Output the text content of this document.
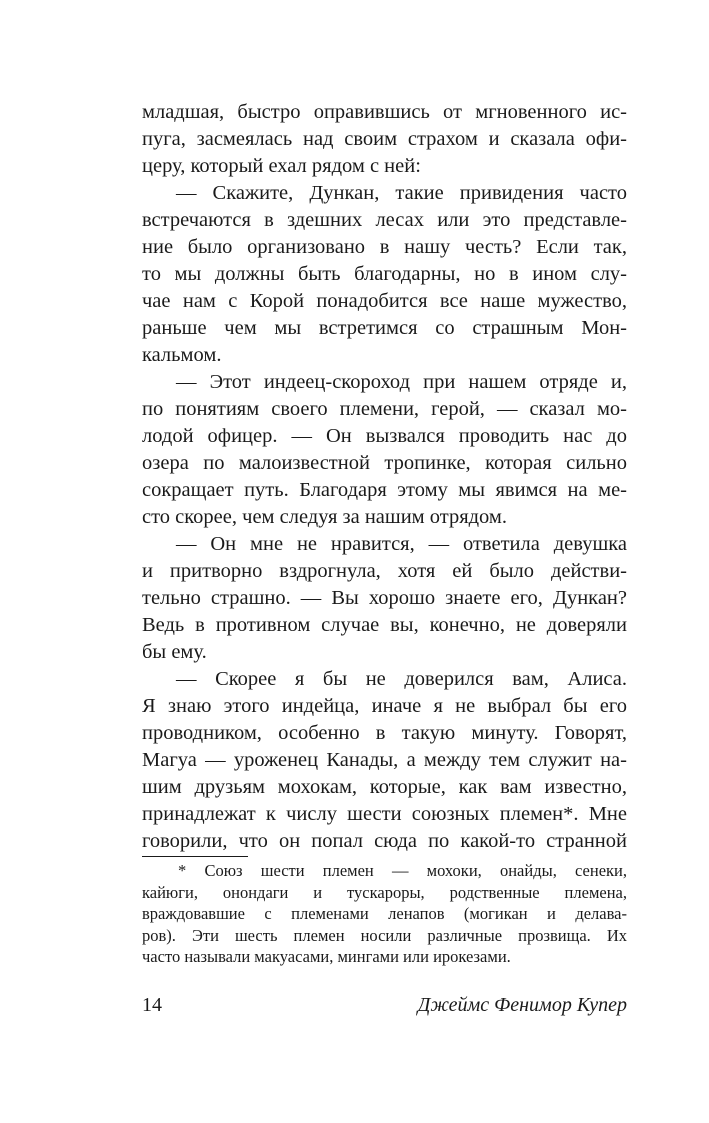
младшая, быстро оправившись от мгновенного ис-
пуга, засмеялась над своим страхом и сказала офи-
церу, который ехал рядом с ней:
— Скажите, Дункан, такие привидения часто
встречаются в здешних лесах или это представле-
ние было организовано в нашу честь? Если так,
то мы должны быть благодарны, но в ином слу-
чае нам с Корой понадобится все наше мужество,
раньше чем мы встретимся со страшным Мон-
кальмом.
— Этот индеец-скороход при нашем отряде и,
по понятиям своего племени, герой, — сказал мо-
лодой офицер. — Он вызвался проводить нас до
озера по малоизвестной тропинке, которая сильно
сокращает путь. Благодаря этому мы явимся на ме-
сто скорее, чем следуя за нашим отрядом.
— Он мне не нравится, — ответила девушка
и притворно вздрогнула, хотя ей было действи-
тельно страшно. — Вы хорошо знаете его, Дункан?
Ведь в противном случае вы, конечно, не доверяли
бы ему.
— Скорее я бы не доверился вам, Алиса.
Я знаю этого индейца, иначе я не выбрал бы его
проводником, особенно в такую минуту. Говорят,
Магуа — уроженец Канады, а между тем служит на-
шим друзьям мохокам, которые, как вам известно,
принадлежат к числу шести союзных племен*. Мне
говорили, что он попал сюда по какой-то странной
* Союз шести племен — мохоки, онайды, сенеки,
кайюги, онондаги и тускароры, родственные племена,
враждовавшие с племенами ленапов (могикан и делава-
ров). Эти шесть племен носили различные прозвища. Их
часто называли макуасами, мингами или ирокезами.
14	Джеймс Фенимор Купер
